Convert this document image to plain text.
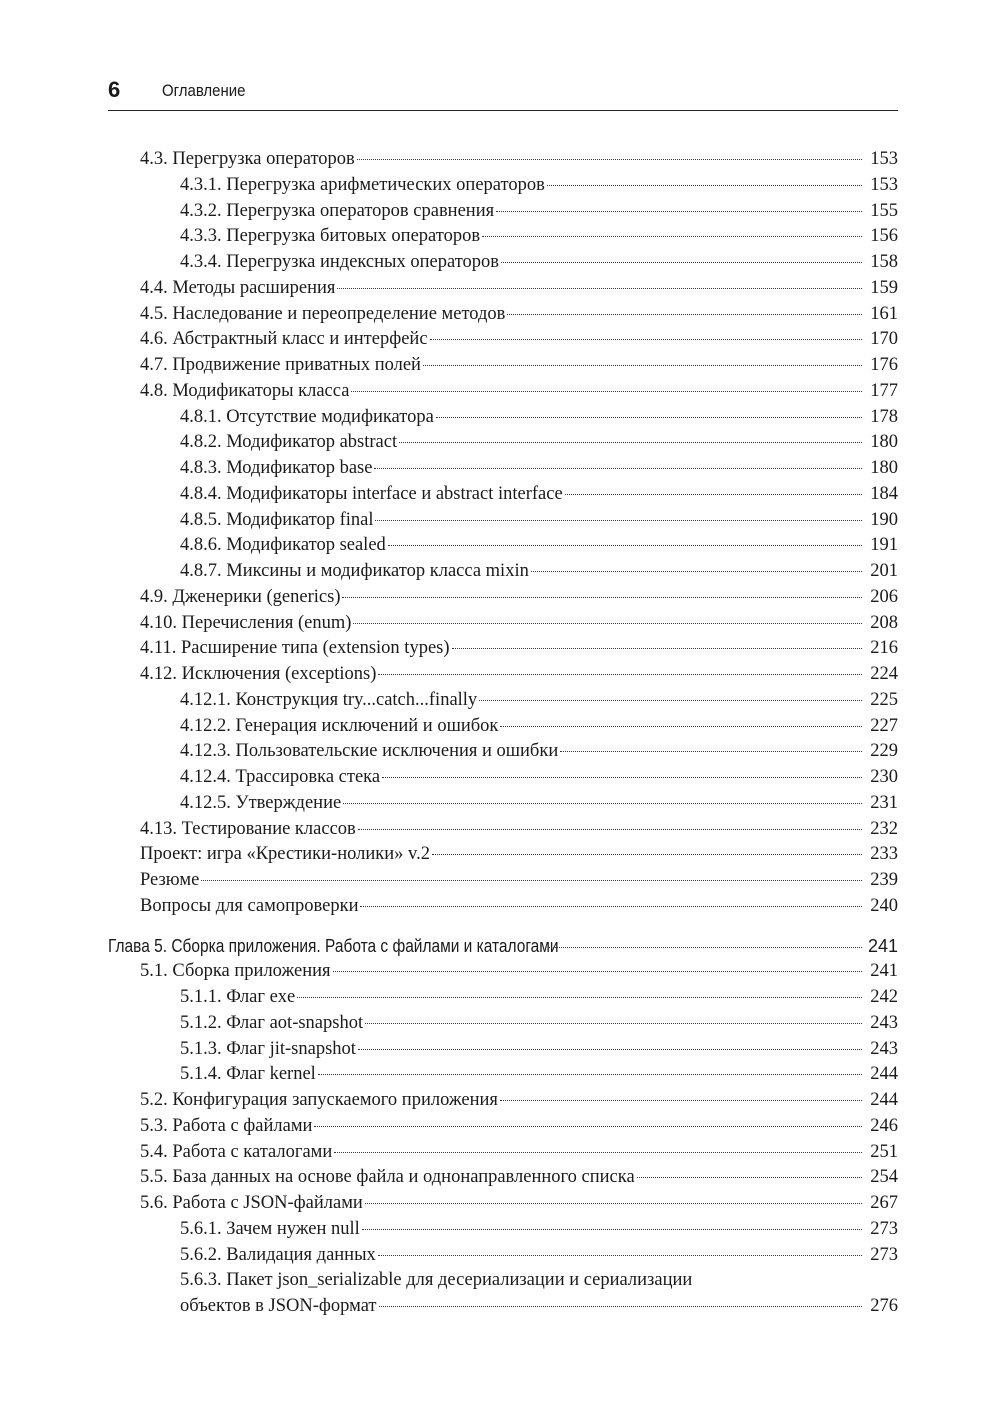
6 Оглавление
4.3. Перегрузка операторов	153
4.3.1. Перегрузка арифметических операторов	153
4.3.2. Перегрузка операторов сравнения	155
4.3.3. Перегрузка битовых операторов	156
4.3.4. Перегрузка индексных операторов	158
4.4. Методы расширения	159
4.5. Наследование и переопределение методов	161
4.6. Абстрактный класс и интерфейс	170
4.7. Продвижение приватных полей	176
4.8. Модификаторы класса	177
4.8.1. Отсутствие модификатора	178
4.8.2. Модификатор abstract	180
4.8.3. Модификатор base	180
4.8.4. Модификаторы interface и abstract interface	184
4.8.5. Модификатор final	190
4.8.6. Модификатор sealed	191
4.8.7. Миксины и модификатор класса mixin	201
4.9. Дженерики (generics)	206
4.10. Перечисления (enum)	208
4.11. Расширение типа (extension types)	216
4.12. Исключения (exceptions)	224
4.12.1. Конструкция try...catch...finally	225
4.12.2. Генерация исключений и ошибок	227
4.12.3. Пользовательские исключения и ошибки	229
4.12.4. Трассировка стека	230
4.12.5. Утверждение	231
4.13. Тестирование классов	232
Проект: игра «Крестики-нолики» v.2	233
Резюме	239
Вопросы для самопроверки	240
Глава 5. Сборка приложения. Работа с файлами и каталогами	241
5.1. Сборка приложения	241
5.1.1. Флаг exe	242
5.1.2. Флаг aot-snapshot	243
5.1.3. Флаг jit-snapshot	243
5.1.4. Флаг kernel	244
5.2. Конфигурация запускаемого приложения	244
5.3. Работа с файлами	246
5.4. Работа с каталогами	251
5.5. База данных на основе файла и однонаправленного списка	254
5.6. Работа с JSON-файлами	267
5.6.1. Зачем нужен null	273
5.6.2. Валидация данных	273
5.6.3. Пакет json_serializable для десериализации и сериализации
объектов в JSON-формат	276
